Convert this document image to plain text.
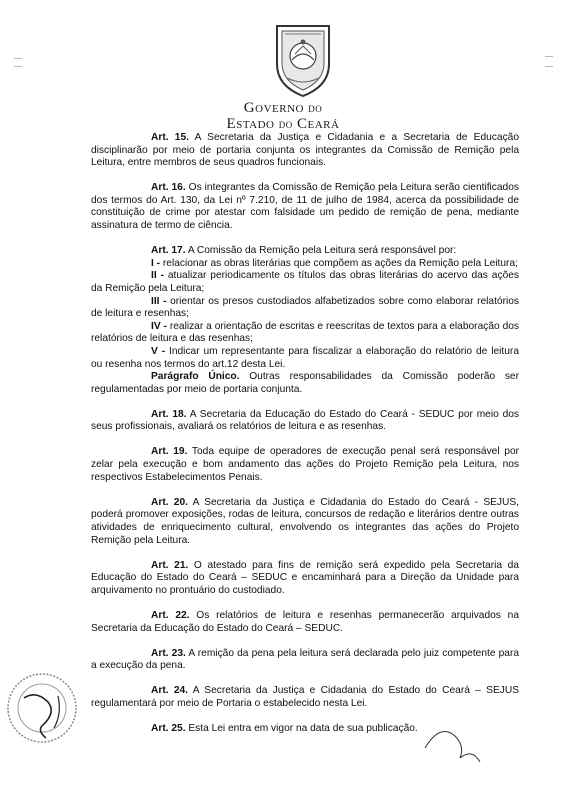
GOVERNO DO
ESTADO DO CEARÁ

Art. 15. A Secretaria da Justiça e Cidadania e a Secretaria de Educação disciplinarão por meio de portaria conjunta os integrantes da Comissão de Remição pela Leitura, entre membros de seus quadros funcionais.

Art. 16. Os integrantes da Comissão de Remição pela Leitura serão cientificados dos termos do Art. 130, da Lei nº 7.210, de 11 de julho de 1984, acerca da possibilidade de constituição de crime por atestar com falsidade um pedido de remição de pena, mediante assinatura de termo de ciência.

Art. 17. A Comissão da Remição pela Leitura será responsável por:

I - relacionar as obras literárias que compõem as ações da Remição pela Leitura;

II - atualizar periodicamente os títulos das obras literárias do acervo das ações da Remição pela Leitura;

III - orientar os presos custodiados alfabetizados sobre como elaborar relatórios de leitura e resenhas;

IV - realizar a orientação de escritas e reescritas de textos para a elaboração dos relatórios de leitura e das resenhas;

V - Indicar um representante para fiscalizar a elaboração do relatório de leitura ou resenha nos termos do art.12 desta Lei.

Parágrafo Único. Outras responsabilidades da Comissão poderão ser regulamentadas por meio de portaria conjunta.

Art. 18. A Secretaria da Educação do Estado do Ceará - SEDUC por meio dos seus profissionais, avaliará os relatórios de leitura e as resenhas.

Art. 19. Toda equipe de operadores de execução penal será responsável por zelar pela execução e bom andamento das ações do Projeto Remição pela Leitura, nos respectivos Estabelecimentos Penais.

Art. 20. A Secretaria da Justiça e Cidadania do Estado do Ceará - SEJUS, poderá promover exposições, rodas de leitura, concursos de redação e literários dentre outras atividades de enriquecimento cultural, envolvendo os integrantes das ações do Projeto Remição pela Leitura.

Art. 21. O atestado para fins de remição será expedido pela Secretaria da Educação do Estado do Ceará – SEDUC e encaminhará para a Direção da Unidade para arquivamento no prontuário do custodiado.

Art. 22. Os relatórios de leitura e resenhas permanecerão arquivados na Secretaria da Educação do Estado do Ceará – SEDUC.

Art. 23. A remição da pena pela leitura será declarada pelo juiz competente para a execução da pena.

Art. 24. A Secretaria da Justiça e Cidadania do Estado do Ceará – SEJUS regulamentará por meio de Portaria o estabelecido nesta Lei.

Art. 25. Esta Lei entra em vigor na data de sua publicação.
